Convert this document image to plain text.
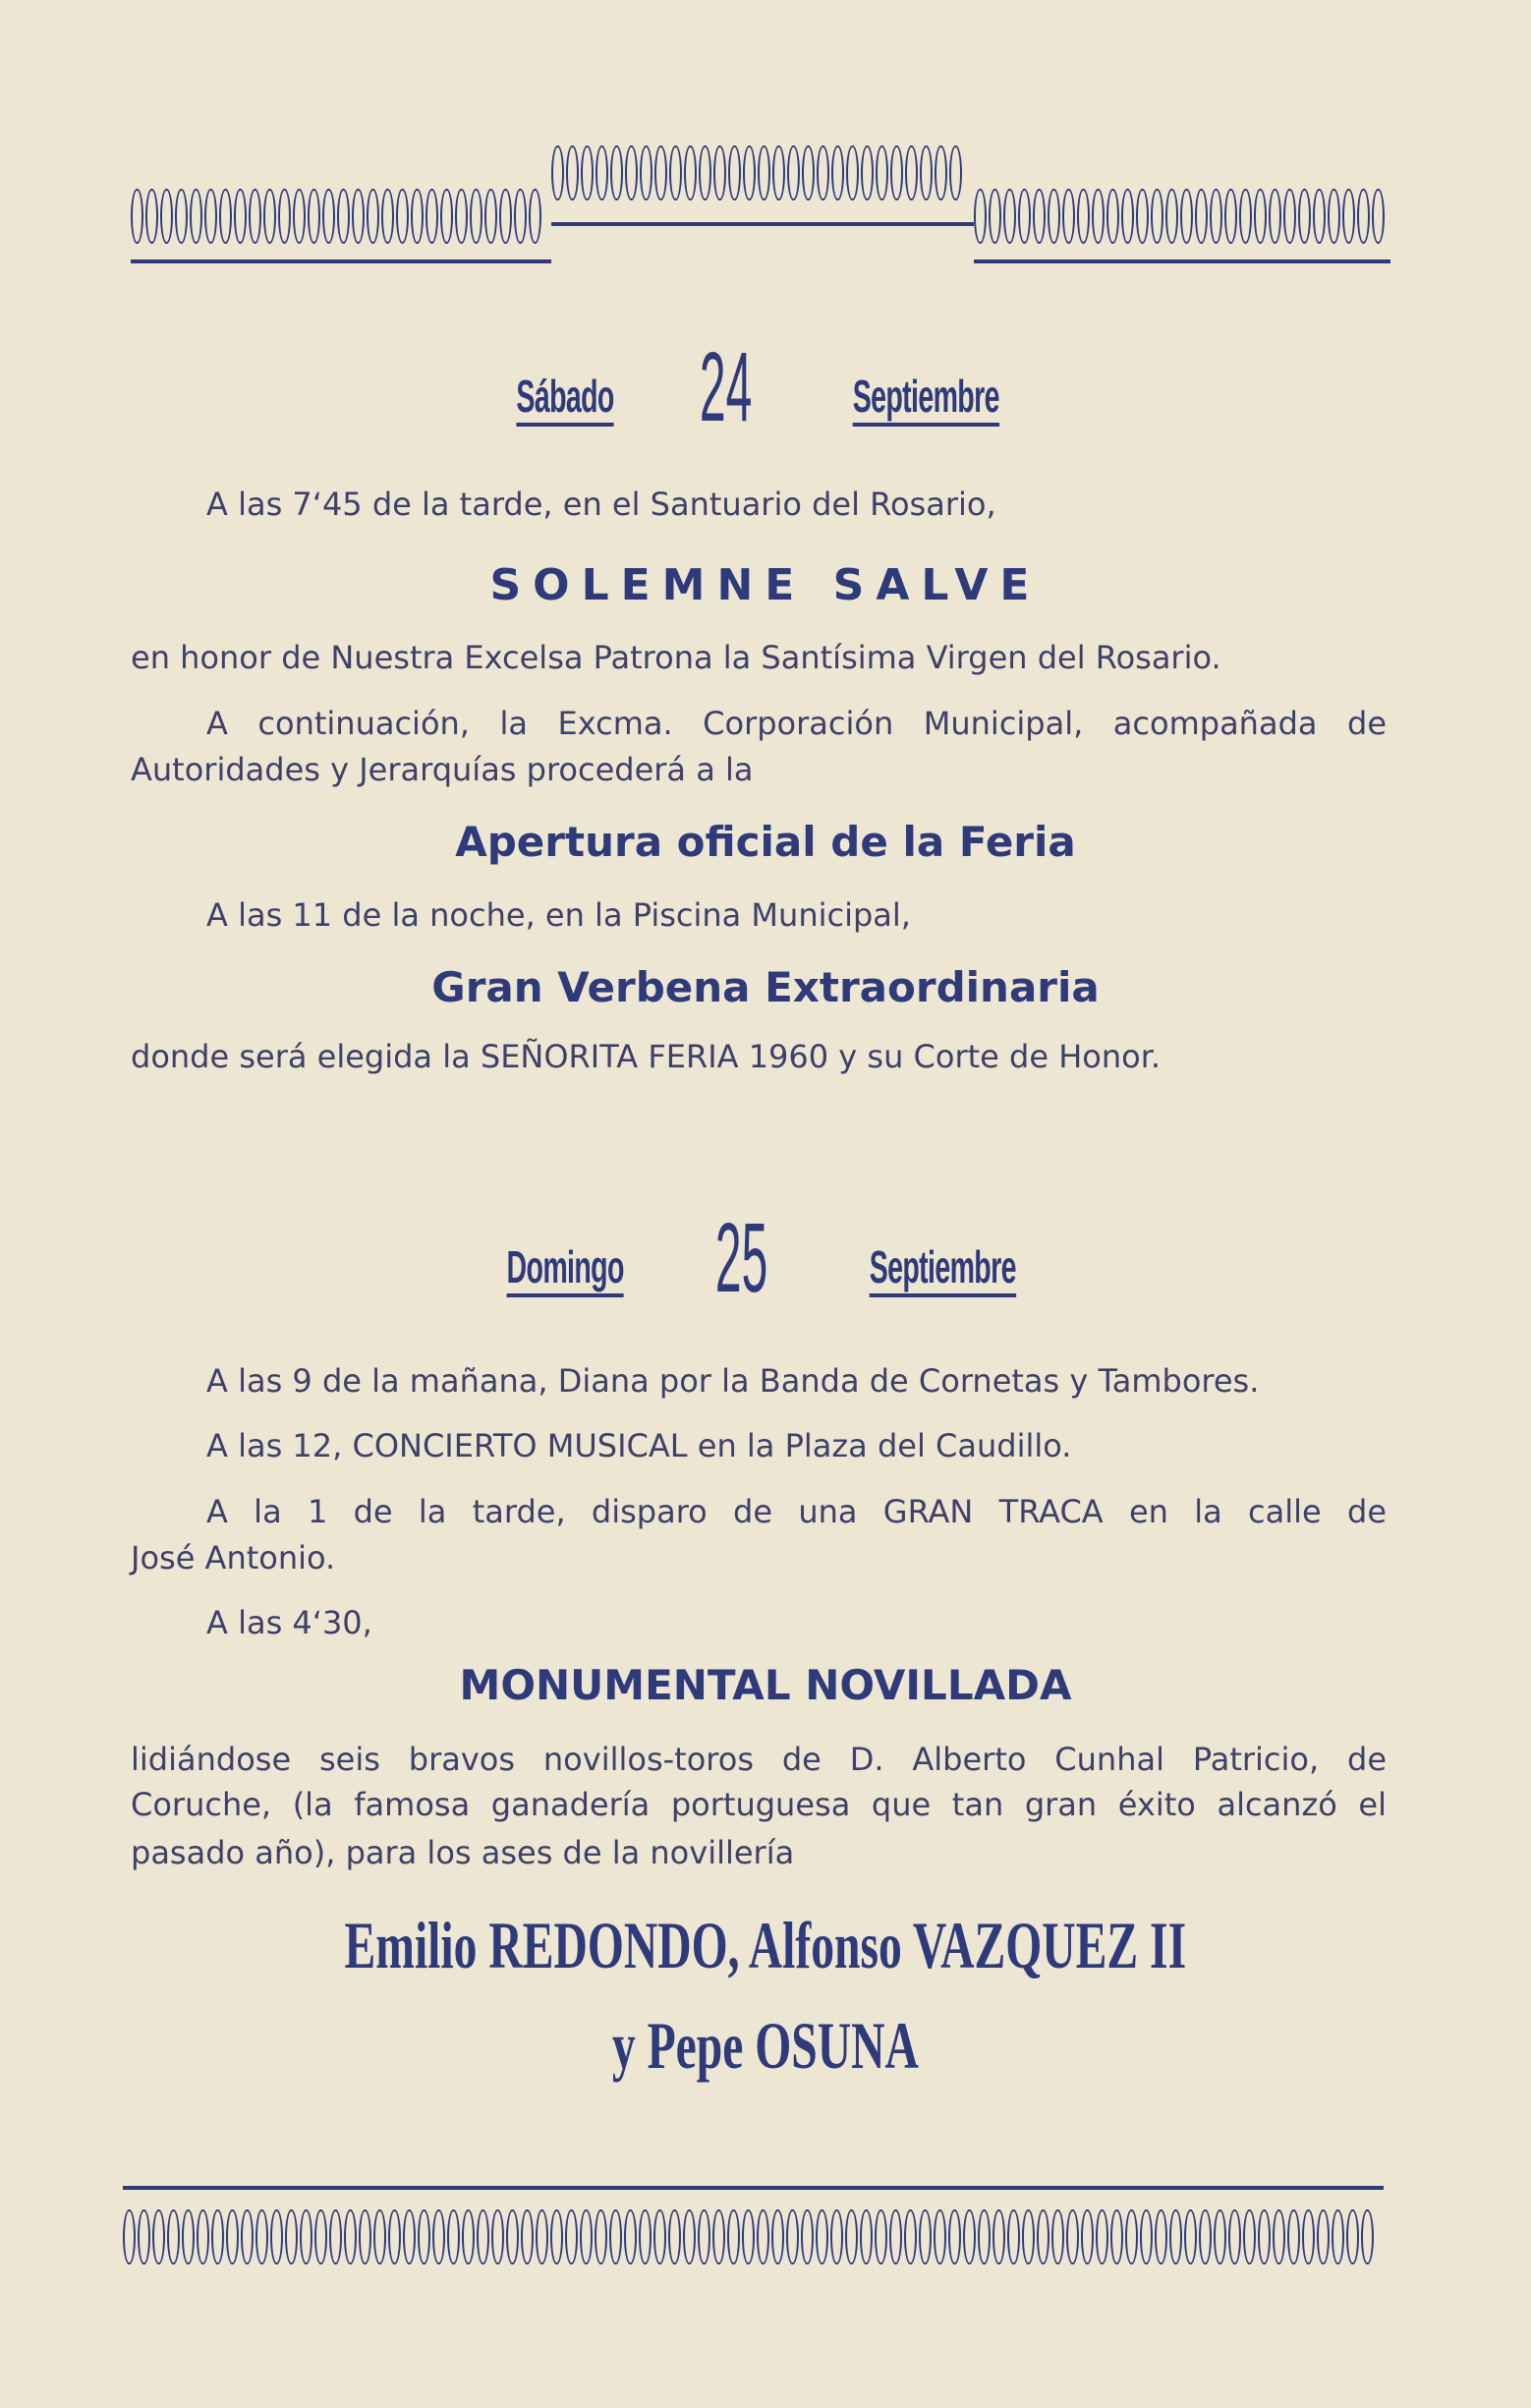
Sábado 24 Septiembre
A las 7‘45 de la tarde, en el Santuario del Rosario,
SOLEMNE SALVE
en honor de Nuestra Excelsa Patrona la Santísima Virgen del Rosario.
A continuación, la Excma. Corporación Municipal, acompañada de
Autoridades y Jerarquías procederá a la
Apertura oficial de la Feria
A las 11 de la noche, en la Piscina Municipal,
Gran Verbena Extraordinaria
donde será elegida la SEÑORITA FERIA 1960 y su Corte de Honor.
Domingo 25 Septiembre
A las 9 de la mañana, Diana por la Banda de Cornetas y Tambores.
A las 12, CONCIERTO MUSICAL en la Plaza del Caudillo.
A la 1 de la tarde, disparo de una GRAN TRACA en la calle de
José Antonio.
A las 4‘30,
MONUMENTAL NOVILLADA
lidiándose seis bravos novillos-toros de D. Alberto Cunhal Patricio, de
Coruche, (la famosa ganadería portuguesa que tan gran éxito alcanzó el
pasado año), para los ases de la novillería
Emilio REDONDO, Alfonso VAZQUEZ II
y Pepe OSUNA
